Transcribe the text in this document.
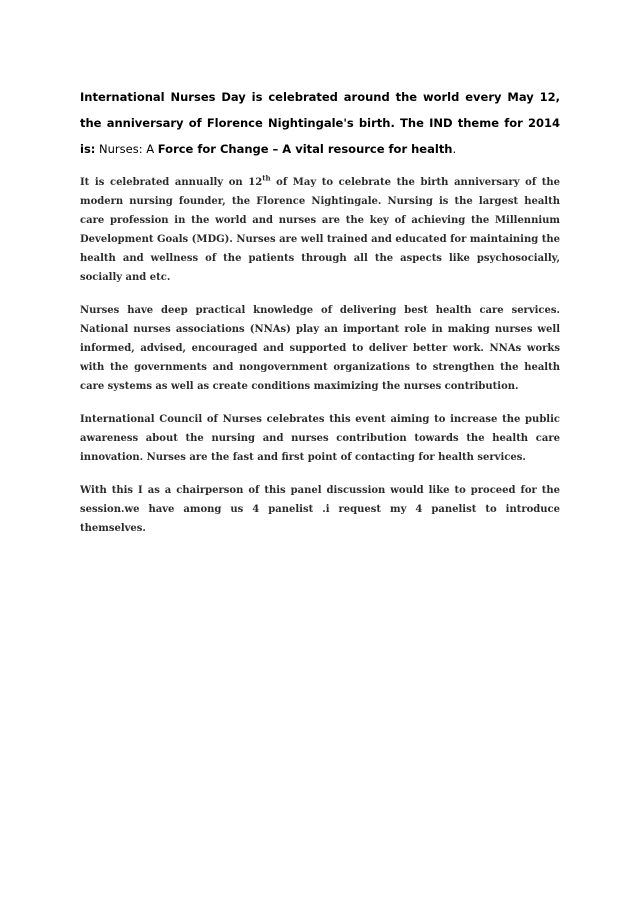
International Nurses Day is celebrated around the world every May 12, the anniversary of Florence Nightingale's birth. The IND theme for 2014 is: Nurses: A Force for Change – A vital resource for health.

It is celebrated annually on 12th of May to celebrate the birth anniversary of the modern nursing founder, the Florence Nightingale. Nursing is the largest health care profession in the world and nurses are the key of achieving the Millennium Development Goals (MDG). Nurses are well trained and educated for maintaining the health and wellness of the patients through all the aspects like psychosocially, socially and etc.

Nurses have deep practical knowledge of delivering best health care services. National nurses associations (NNAs) play an important role in making nurses well informed, advised, encouraged and supported to deliver better work. NNAs works with the governments and nongovernment organizations to strengthen the health care systems as well as create conditions maximizing the nurses contribution.

International Council of Nurses celebrates this event aiming to increase the public awareness about the nursing and nurses contribution towards the health care innovation. Nurses are the fast and first point of contacting for health services.

With this I as a chairperson of this panel discussion would like to proceed for the session.we have among us 4 panelist .i request my 4 panelist to introduce themselves.
